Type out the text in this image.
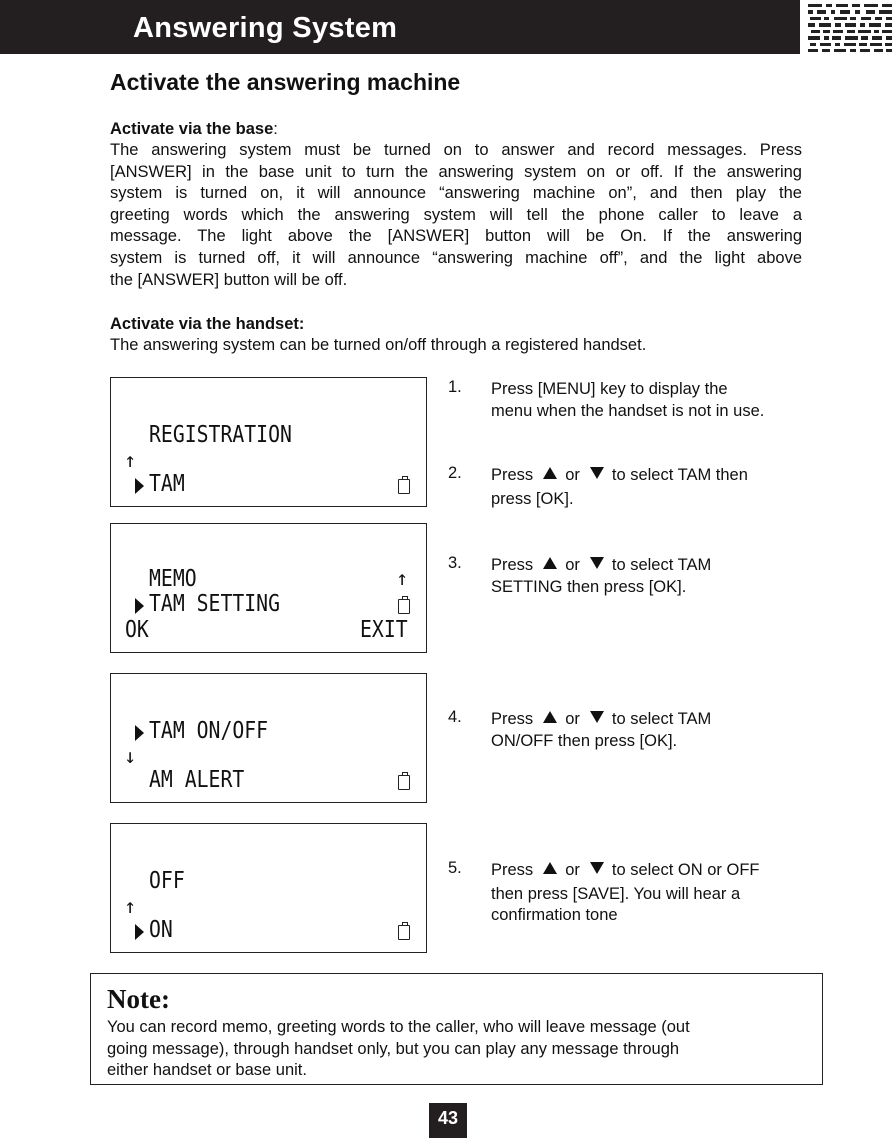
Answering System
Activate the answering machine
Activate via the base:
The answering system must be turned on to answer and record messages. Press
[ANSWER] in the base unit to turn the answering system on or off. If the answering
system is turned on, it will announce “answering machine on”, and then play the
greeting words which the answering system will tell the phone caller to leave a
message. The light above the [ANSWER] button will be On. If the answering
system is turned off, it will announce “answering machine off”, and the light above
the [ANSWER] button will be off.
Activate via the handset:
The answering system can be turned on/off through a registered handset.
REGISTRATION
↑
TAM
MEMO	↑
TAM SETTING
OK	EXIT
TAM ON/OFF
↓
AM ALERT
OFF
↑
ON
1. Press [MENU] key to display the
menu when the handset is not in use.
2. Press or to select TAM then
press [OK].
3. Press or to select TAM
SETTING then press [OK].
4. Press or to select TAM
ON/OFF then press [OK].
5. Press or to select ON or OFF
then press [SAVE]. You will hear a
confirmation tone
Note:
You can record memo, greeting words to the caller, who will leave message (out
going message), through handset only, but you can play any message through
either handset or base unit.
43
